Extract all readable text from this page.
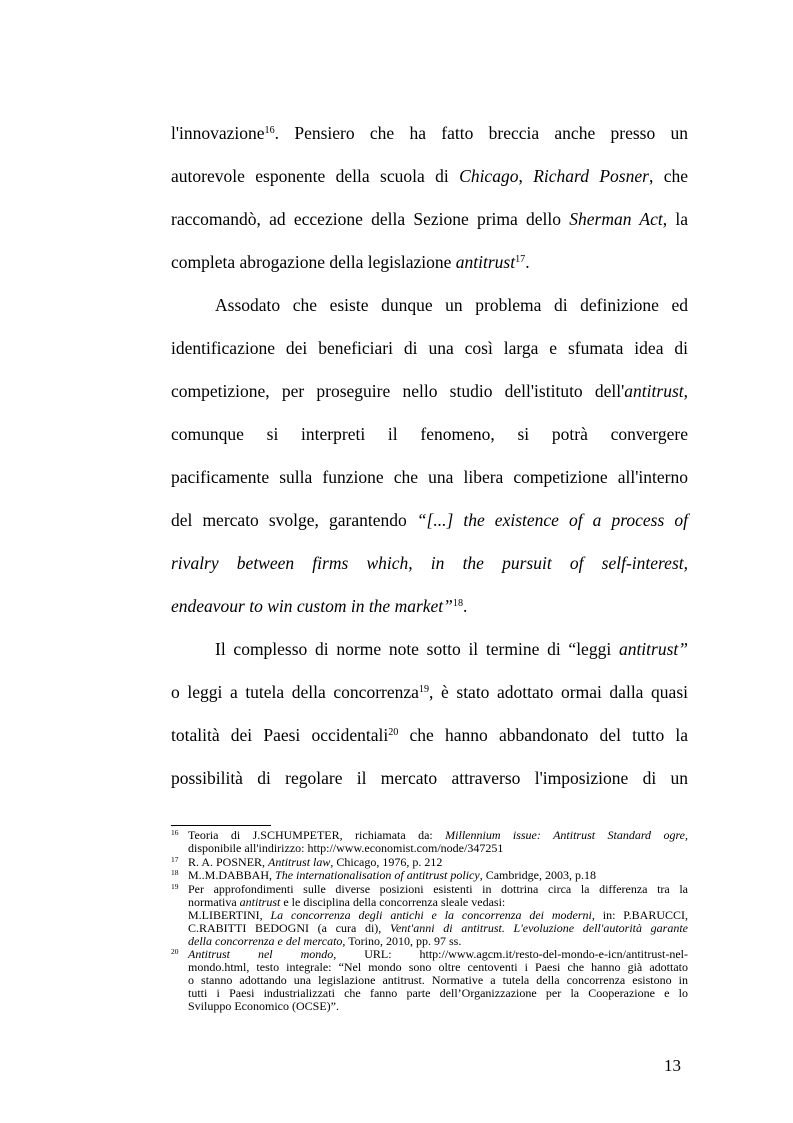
l'innovazione$^{16}$. Pensiero che ha fatto breccia anche presso un
autorevole esponente della scuola di Chicago, Richard Posner, che
raccomandò, ad eccezione della Sezione prima dello Sherman Act, la
completa abrogazione della legislazione antitrust$^{17}$.
Assodato che esiste dunque un problema di definizione ed
identificazione dei beneficiari di una così larga e sfumata idea di
competizione, per proseguire nello studio dell'istituto dell'antitrust,
comunque si interpreti il fenomeno, si potrà convergere
pacificamente sulla funzione che una libera competizione all'interno
del mercato svolge, garantendo “[...] the existence of a process of
rivalry between firms which, in the pursuit of self-interest,
endeavour to win custom in the market”$^{18}$.
Il complesso di norme note sotto il termine di “leggi antitrust”
o leggi a tutela della concorrenza$^{19}$, è stato adottato ormai dalla quasi
totalità dei Paesi occidentali$^{20}$ che hanno abbandonato del tutto la
possibilità di regolare il mercato attraverso l'imposizione di un
16 Teoria di J.SCHUMPETER, richiamata da: Millennium issue: Antitrust Standard ogre,
disponibile all'indirizzo: http://www.economist.com/node/347251
17 R. A. POSNER, Antitrust law, Chicago, 1976, p. 212
18 M..M.DABBAH, The internationalisation of antitrust policy, Cambridge, 2003, p.18
19 Per approfondimenti sulle diverse posizioni esistenti in dottrina circa la differenza tra la
normativa antitrust e le disciplina della concorrenza sleale vedasi:
M.LIBERTINI, La concorrenza degli antichi e la concorrenza dei moderni, in: P.BARUCCI,
C.RABITTI BEDOGNI (a cura di), Vent'anni di antitrust. L'evoluzione dell'autorità garante
della concorrenza e del mercato, Torino, 2010, pp. 97 ss.
20 Antitrust nel mondo, URL: http://www.agcm.it/resto-del-mondo-e-icn/antitrust-nel-
mondo.html, testo integrale: “Nel mondo sono oltre centoventi i Paesi che hanno già adottato
o stanno adottando una legislazione antitrust. Normative a tutela della concorrenza esistono in
tutti i Paesi industrializzati che fanno parte dell’Organizzazione per la Cooperazione e lo
Sviluppo Economico (OCSE)”.
13
